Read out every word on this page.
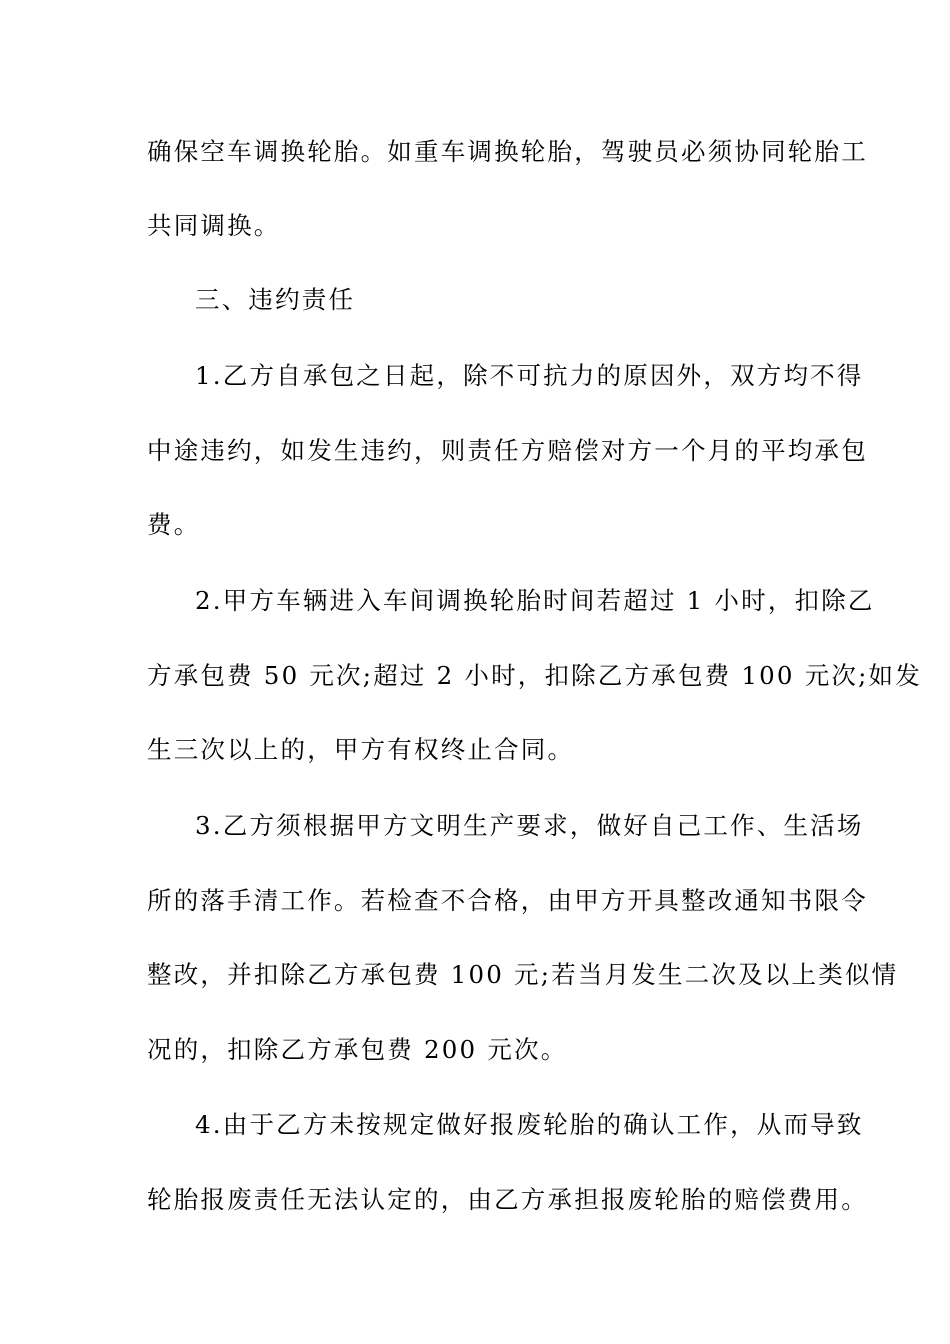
确保空车调换轮胎。如重车调换轮胎，驾驶员必须协同轮胎工

共同调换。

三、违约责任

1.乙方自承包之日起，除不可抗力的原因外，双方均不得

中途违约，如发生违约，则责任方赔偿对方一个月的平均承包

费。

2.甲方车辆进入车间调换轮胎时间若超过 1 小时，扣除乙

方承包费 50 元次;超过 2 小时，扣除乙方承包费 100 元次;如发

生三次以上的，甲方有权终止合同。

3.乙方须根据甲方文明生产要求，做好自己工作、生活场

所的落手清工作。若检查不合格，由甲方开具整改通知书限令

整改，并扣除乙方承包费 100 元;若当月发生二次及以上类似情

况的，扣除乙方承包费 200 元次。

4.由于乙方未按规定做好报废轮胎的确认工作，从而导致

轮胎报废责任无法认定的，由乙方承担报废轮胎的赔偿费用。
